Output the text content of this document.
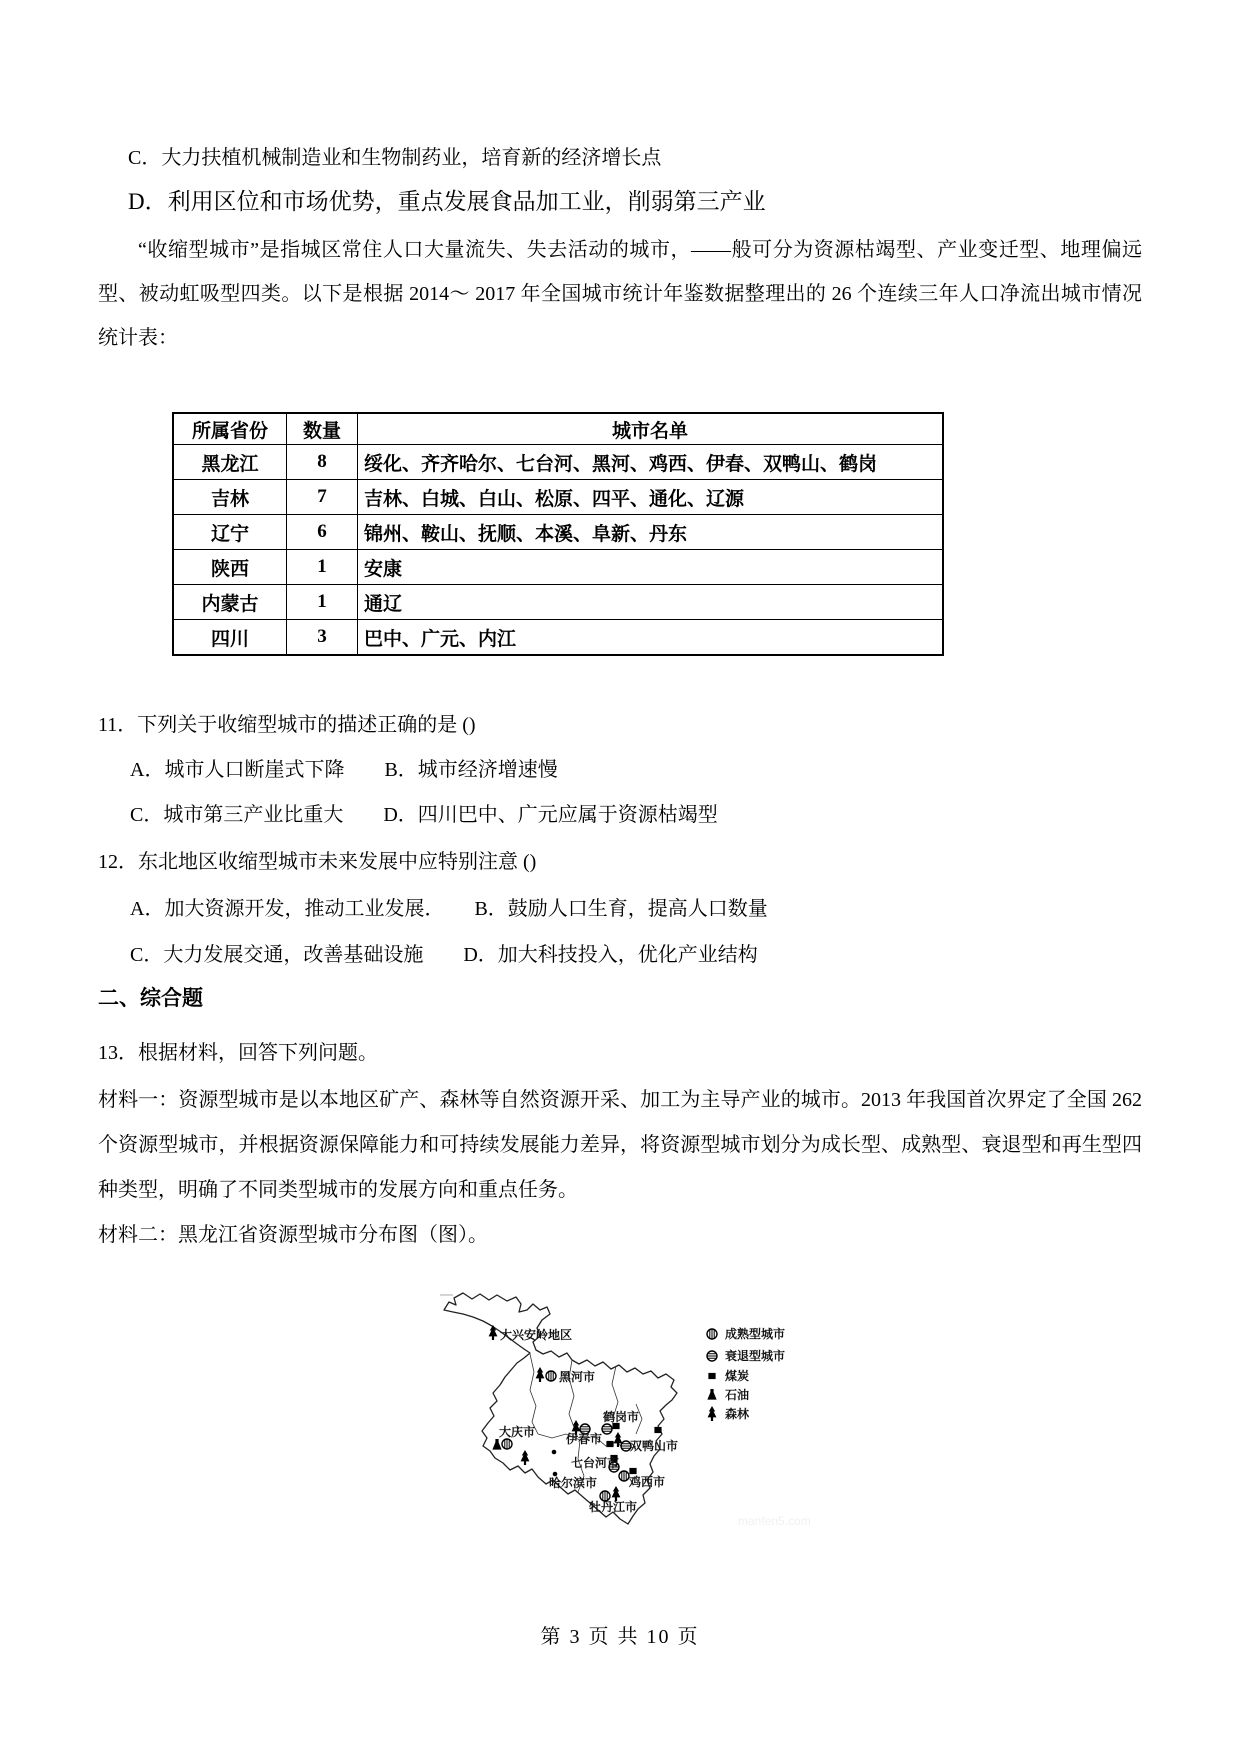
C．大力扶植机械制造业和生物制药业，培育新的经济增长点
D．利用区位和市场优势，重点发展食品加工业，削弱第三产业
“收缩型城市”是指城区常住人口大量流失、失去活动的城市，——般可分为资源枯竭型、产业变迁型、地理偏远型、被动虹吸型四类。以下是根据 2014～ 2017 年全国城市统计年鉴数据整理出的 26 个连续三年人口净流出城市情况统计表：
所属省份	数量	城市名单
黑龙江	8	绥化、齐齐哈尔、七台河、黑河、鸡西、伊春、双鸭山、鹤岗
吉林	7	吉林、白城、白山、松原、四平、通化、辽源
辽宁	6	锦州、鞍山、抚顺、本溪、阜新、丹东
陕西	1	安康
内蒙古	1	通辽
四川	3	巴中、广元、内江
11．下列关于收缩型城市的描述正确的是 ()
A．城市人口断崖式下降　　B．城市经济增速慢
C．城市第三产业比重大　　D．四川巴中、广元应属于资源枯竭型
12．东北地区收缩型城市未来发展中应特别注意 ()
A．加大资源开发，推动工业发展．　　B．鼓励人口生育，提高人口数量
C．大力发展交通，改善基础设施　　D．加大科技投入，优化产业结构
二、综合题
13．根据材料，回答下列问题。
材料一：资源型城市是以本地区矿产、森林等自然资源开采、加工为主导产业的城市。2013 年我国首次界定了全国 262 个资源型城市，并根据资源保障能力和可持续发展能力差异，将资源型城市划分为成长型、成熟型、衰退型和再生型四种类型，明确了不同类型城市的发展方向和重点任务。
材料二：黑龙江省资源型城市分布图（图）。
大兴安岭地区
黑河市
鹤岗市
大庆市	伊春市 双鸭山市
七台河市
鸡西市
哈尔滨市
牡丹江市
成熟型城市
衰退型城市
煤炭
石油
森林
manfen5.com
第 3 页 共 10 页
